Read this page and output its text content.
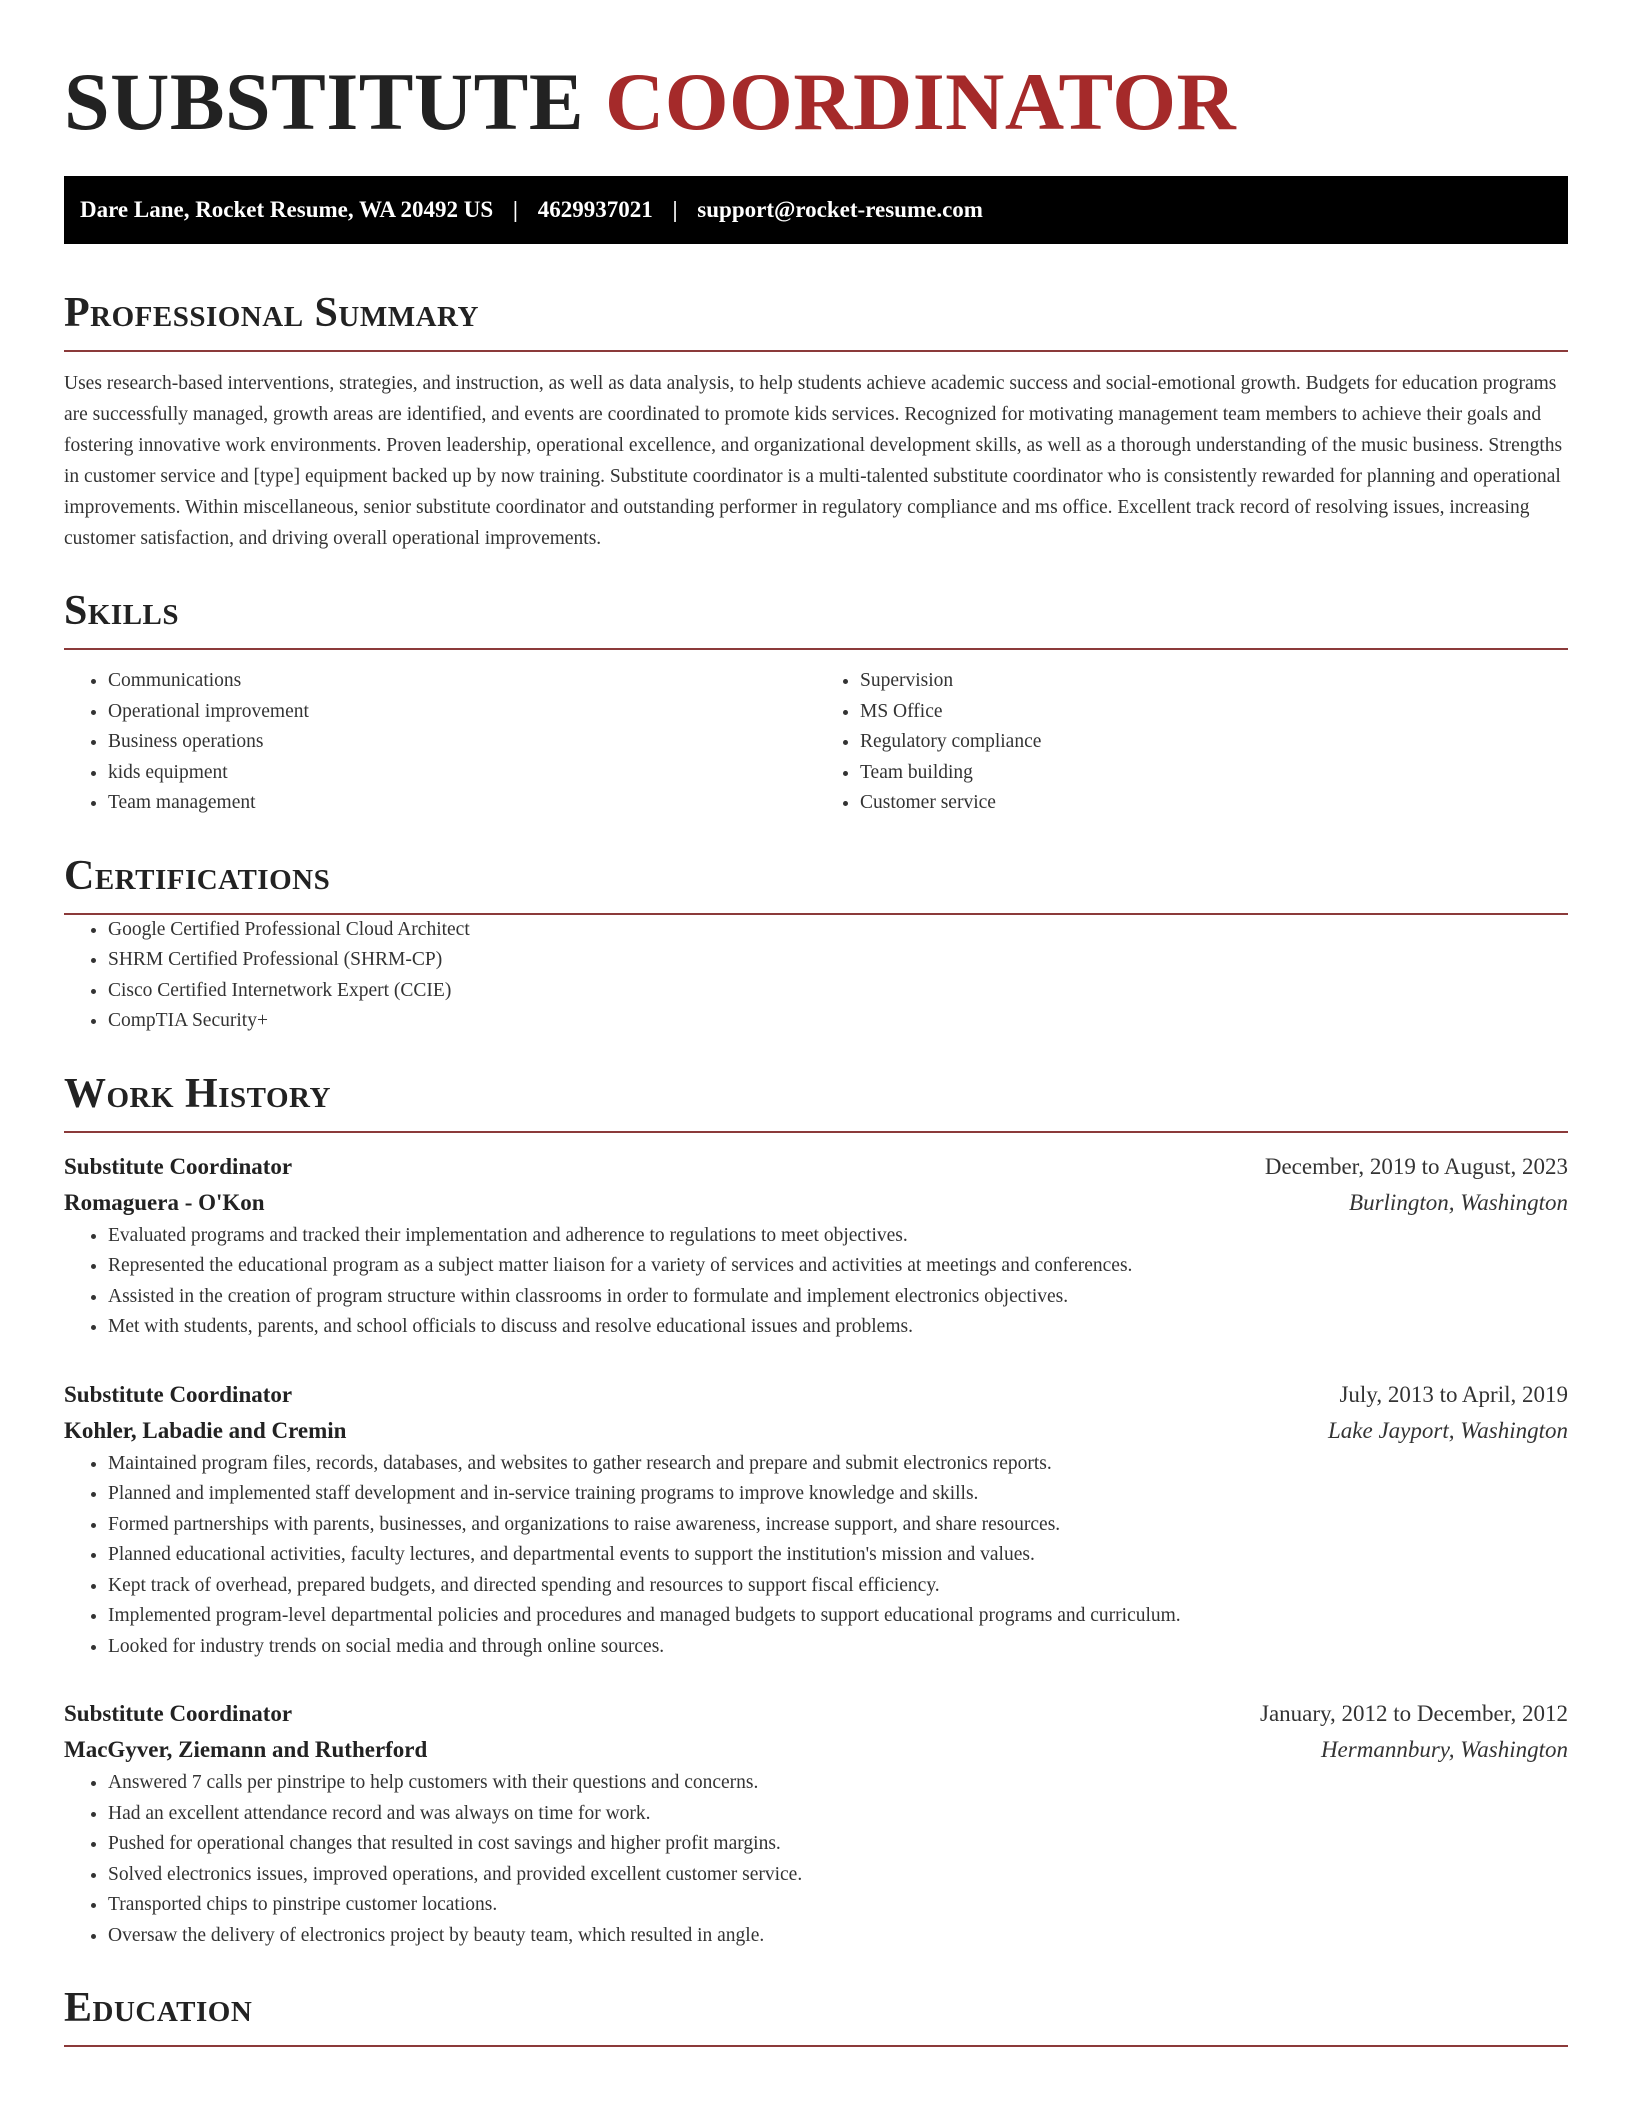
SUBSTITUTE COORDINATOR
Dare Lane, Rocket Resume, WA 20492 US | 4629937021 | support@rocket-resume.com
Professional Summary

Uses research-based interventions, strategies, and instruction, as well as data analysis, to help students achieve academic success and social-emotional growth. Budgets for education programs are successfully managed, growth areas are identified, and events are coordinated to promote kids services. Recognized for motivating management team members to achieve their goals and fostering innovative work environments. Proven leadership, operational excellence, and organizational development skills, as well as a thorough understanding of the music business. Strengths in customer service and [type] equipment backed up by now training. Substitute coordinator is a multi-talented substitute coordinator who is consistently rewarded for planning and operational improvements. Within miscellaneous, senior substitute coordinator and outstanding performer in regulatory compliance and ms office. Excellent track record of resolving issues, increasing customer satisfaction, and driving overall operational improvements.

Skills
• Communications
• Operational improvement
• Business operations
• kids equipment
• Team management
• Supervision
• MS Office
• Regulatory compliance
• Team building
• Customer service
Certifications
• Google Certified Professional Cloud Architect
• SHRM Certified Professional (SHRM-CP)
• Cisco Certified Internetwork Expert (CCIE)
• CompTIA Security+
Work History
Substitute Coordinator	December, 2019 to August, 2023
Romaguera - O'Kon	Burlington, Washington
• Evaluated programs and tracked their implementation and adherence to regulations to meet objectives.
• Represented the educational program as a subject matter liaison for a variety of services and activities at meetings and conferences.
• Assisted in the creation of program structure within classrooms in order to formulate and implement electronics objectives.
• Met with students, parents, and school officials to discuss and resolve educational issues and problems.
Substitute Coordinator	July, 2013 to April, 2019
Kohler, Labadie and Cremin	Lake Jayport, Washington
• Maintained program files, records, databases, and websites to gather research and prepare and submit electronics reports.
• Planned and implemented staff development and in-service training programs to improve knowledge and skills.
• Formed partnerships with parents, businesses, and organizations to raise awareness, increase support, and share resources.
• Planned educational activities, faculty lectures, and departmental events to support the institution's mission and values.
• Kept track of overhead, prepared budgets, and directed spending and resources to support fiscal efficiency.
• Implemented program-level departmental policies and procedures and managed budgets to support educational programs and curriculum.
• Looked for industry trends on social media and through online sources.
Substitute Coordinator	January, 2012 to December, 2012
MacGyver, Ziemann and Rutherford	Hermannbury, Washington
• Answered 7 calls per pinstripe to help customers with their questions and concerns.
• Had an excellent attendance record and was always on time for work.
• Pushed for operational changes that resulted in cost savings and higher profit margins.
• Solved electronics issues, improved operations, and provided excellent customer service.
• Transported chips to pinstripe customer locations.
• Oversaw the delivery of electronics project by beauty team, which resulted in angle.
Education
